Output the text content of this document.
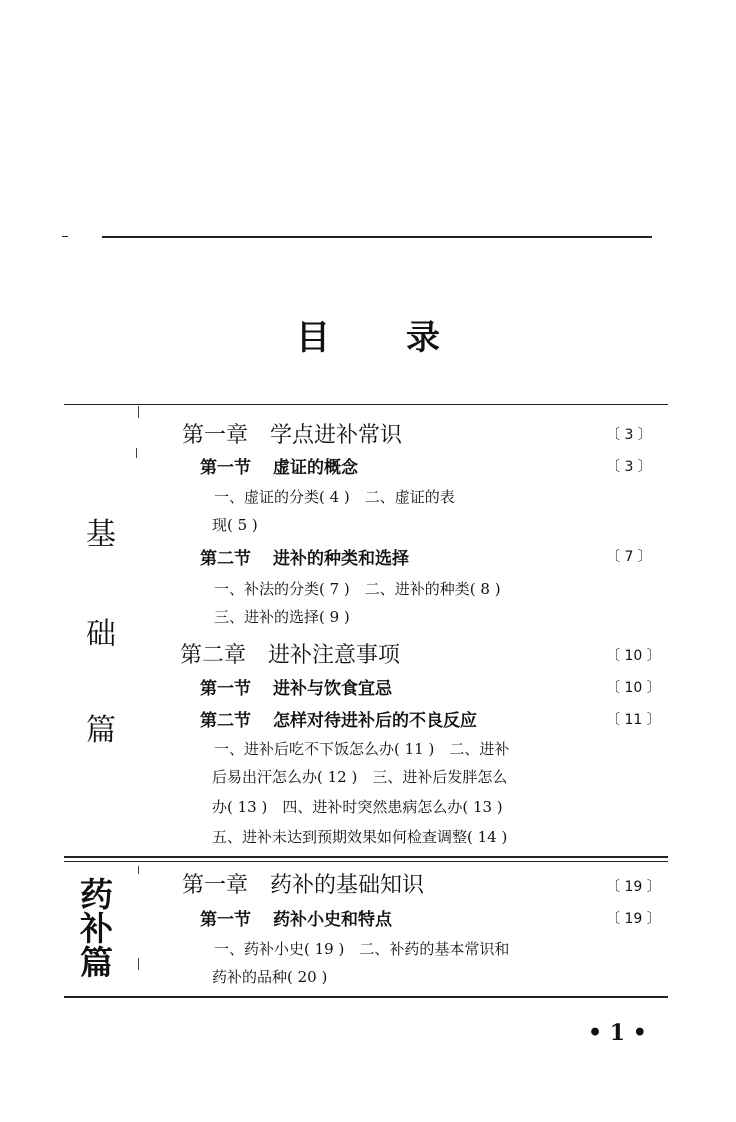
目 录
基
础
篇
第一章 学点进补常识	〔 3 〕
第一节 虚证的概念	〔 3 〕
一、虚证的分类( 4 )　二、虚证的表
现( 5 )
第二节 进补的种类和选择	〔 7 〕
一、补法的分类( 7 )　二、进补的种类( 8 )
三、进补的选择( 9 )
第二章 进补注意事项	〔 10 〕
第一节 进补与饮食宜忌	〔 10 〕
第二节 怎样对待进补后的不良反应	〔 11 〕
一、进补后吃不下饭怎么办( 11 )　二、进补
后易出汗怎么办( 12 )　三、进补后发胖怎么
办( 13 )　四、进补时突然患病怎么办( 13 )
五、进补未达到预期效果如何检查调整( 14 )
药
补
篇
第一章 药补的基础知识	〔 19 〕
第一节 药补小史和特点	〔 19 〕
一、药补小史( 19 )　二、补药的基本常识和
药补的品种( 20 )
• 1 •
